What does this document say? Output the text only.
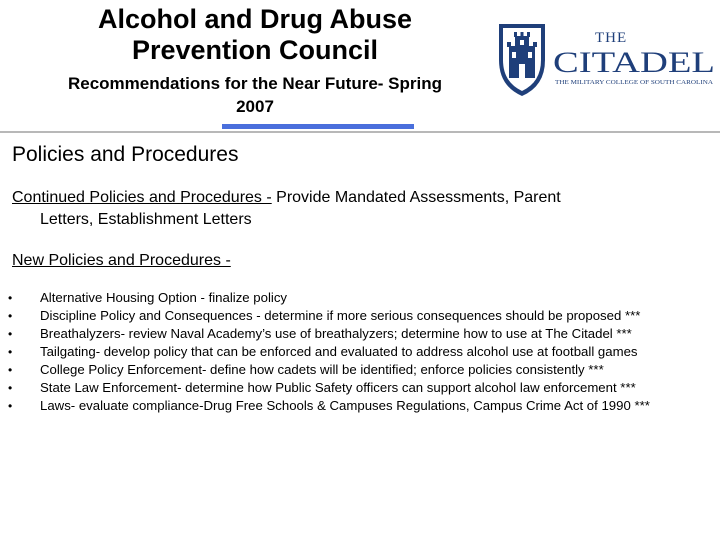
Alcohol and Drug Abuse
Prevention Council
Recommendations for the Near Future- Spring
2007
THE
CITADEL
THE MILITARY COLLEGE OF SOUTH CAROLINA
Policies and Procedures
Continued Policies and Procedures - Provide Mandated Assessments, Parent
Letters, Establishment Letters
New Policies and Procedures -
• Alternative Housing Option - finalize policy
• Discipline Policy and Consequences - determine if more serious consequences should be proposed ***
• Breathalyzers- review Naval Academy’s use of breathalyzers; determine how to use at The Citadel ***
• Tailgating- develop policy that can be enforced and evaluated to address alcohol use at football games
• College Policy Enforcement- define how cadets will be identified; enforce policies consistently ***
• State Law Enforcement- determine how Public Safety officers can support alcohol law enforcement ***
• Laws- evaluate compliance-Drug Free Schools & Campuses Regulations, Campus Crime Act of 1990 ***
